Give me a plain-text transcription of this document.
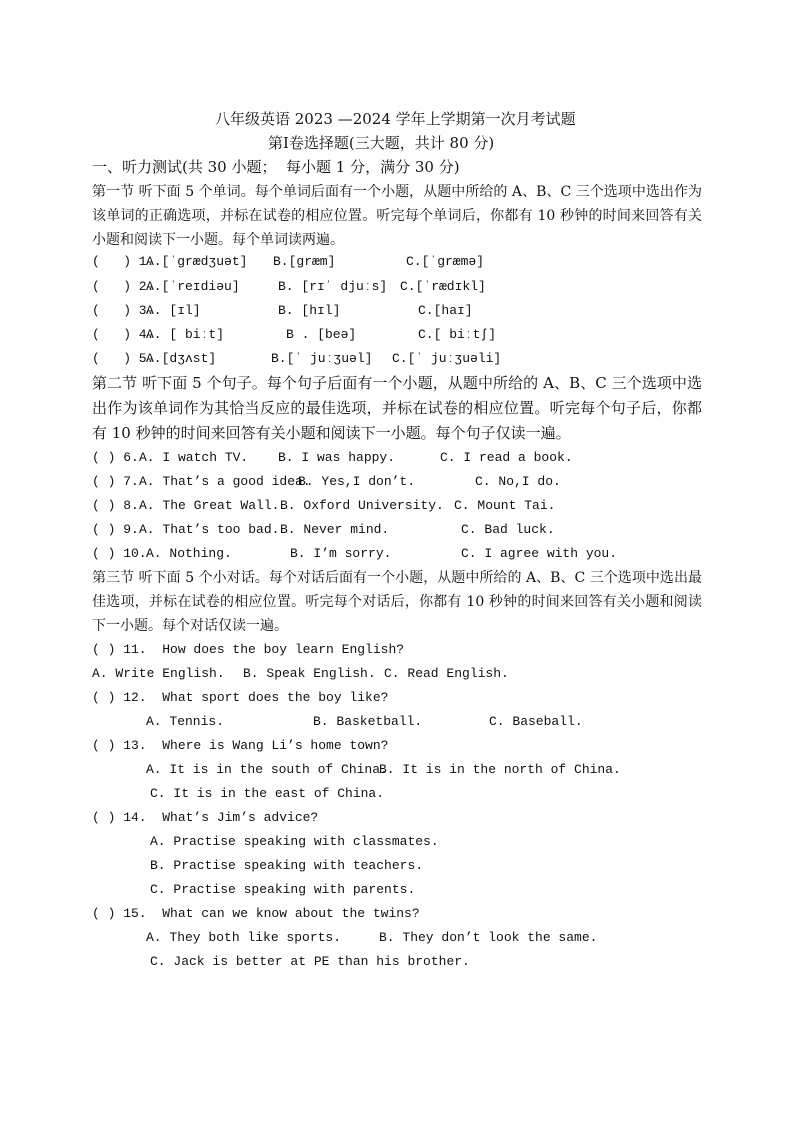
八年级英语 2023 —2024 学年上学期第一次月考试题
第Ⅰ卷选择题(三大题，共计 80 分)
一、听力测试(共 30 小题；  每小题 1 分，满分 30 分)
第一节 听下面 5 个单词。每个单词后面有一个小题，从题中所给的 A、B、C 三个选项中选出作为该单词的正确选项，并标在试卷的相应位置。听完每个单词后，你都有 10 秒钟的时间来回答有关小题和阅读下一小题。每个单词读两遍。
(   ) 1.
A.[ˈɡrædʒuət] B.[ɡræm]	C.[ˈɡræmə]
(   ) 2.
A.[ˈreɪdiəu]	B. [rɪˈ djuːs] C.[ˈrædɪkl]
(   ) 3.
A. [ɪl]	B. [hɪl]	C.[haɪ]
(   ) 4.
A. [ biːt]	B . [beə]	C.[ biːtʃ]
(   ) 5.
A.[dʒʌst]	B.[ˈ juːʒuəl] C.[ˈ juːʒuəli]
第二节 听下面 5 个句子。每个句子后面有一个小题，从题中所给的 A、B、C 三个选项中选出作为该单词作为其恰当反应的最佳选项，并标在试卷的相应位置。听完每个句子后，你都有 10 秒钟的时间来回答有关小题和阅读下一小题。每个句子仅读一遍。
( ) 6. A. I watch TV. B. I was happy.	C. I read a book.
( ) 7. A. That’s a good idea.
B. Yes,I don’t.	C. No,I do.
( ) 8. A. The Great Wall. B. Oxford University. C. Mount Tai.
( ) 9. A. That’s too bad. B. Never mind.	C. Bad luck.
( ) 10. A. Nothing.	B. I’m sorry.	C. I agree with you.
第三节 听下面 5 个小对话。每个对话后面有一个小题，从题中所给的 A、B、C 三个选项中选出最佳选项，并标在试卷的相应位置。听完每个对话后，你都有 10 秒钟的时间来回答有关小题和阅读下一小题。每个对话仅读一遍。
( ) 11.  How does the boy learn English?
A. Write English. B. Speak English. C. Read English.
( ) 12.  What sport does the boy like?
A. Tennis.	B. Basketball.	C. Baseball.
( ) 13.  Where is Wang Li’s home town?
A. It is in the south of China.
B. It is in the north of China.
C. It is in the east of China.
( ) 14.  What’s Jim’s advice?
A. Practise speaking with classmates.
B. Practise speaking with teachers.
C. Practise speaking with parents.
( ) 15.  What can we know about the twins?
A. They both like sports.	B. They don’t look the same.
C. Jack is better at PE than his brother.
